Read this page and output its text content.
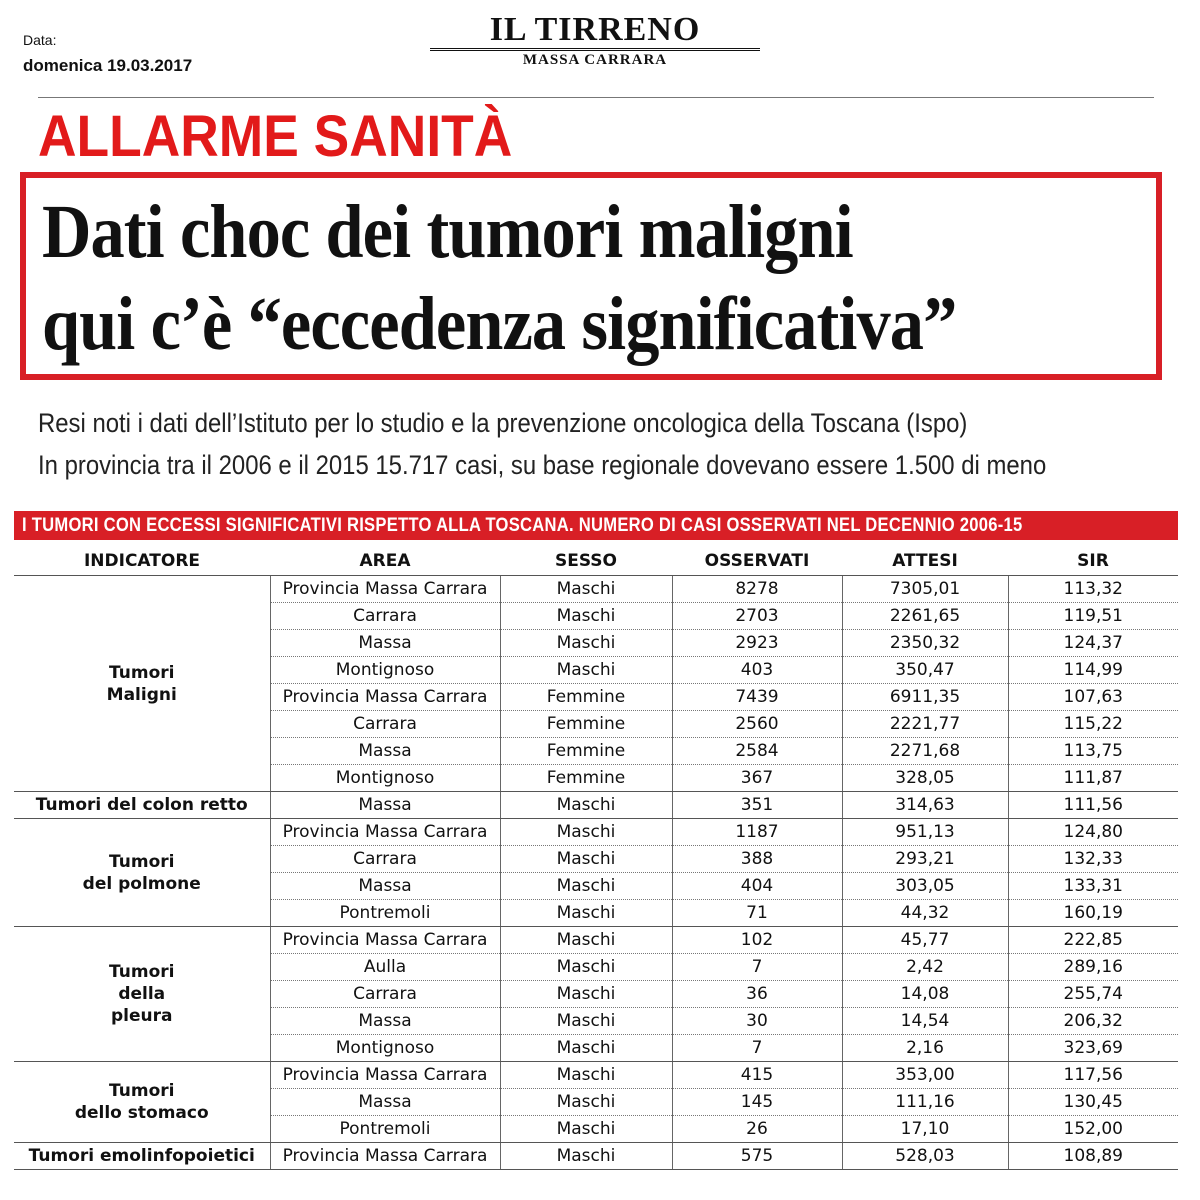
Data:
domenica 19.03.2017
IL TIRRENO
MASSA CARRARA
ALLARME SANITÀ
Dati choc dei tumori maligni
qui c’è “eccedenza significativa”
Resi noti i dati dell’Istituto per lo studio e la prevenzione oncologica della Toscana (Ispo)
In provincia tra il 2006 e il 2015 15.717 casi, su base regionale dovevano essere 1.500 di meno
I TUMORI CON ECCESSI SIGNIFICATIVI RISPETTO ALLA TOSCANA. NUMERO DI CASI OSSERVATI NEL DECENNIO 2006-15
INDICATORE	AREA	SESSO	OSSERVATI	ATTESI	SIR

Tumori
Maligni	Provincia Massa Carrara	Maschi	8278	7305,01	113,32
	Carrara	Maschi	2703	2261,65	119,51
	Massa	Maschi	2923	2350,32	124,37
	Montignoso	Maschi	403	350,47	114,99
	Provincia Massa Carrara	Femmine	7439	6911,35	107,63
	Carrara	Femmine	2560	2221,77	115,22
	Massa	Femmine	2584	2271,68	113,75
	Montignoso	Femmine	367	328,05	111,87

Tumori del colon retto	Massa	Maschi	351	314,63	111,56

Tumori
del polmone	Provincia Massa Carrara	Maschi	1187	951,13	124,80
	Carrara	Maschi	388	293,21	132,33
	Massa	Maschi	404	303,05	133,31
	Pontremoli	Maschi	71	44,32	160,19

Tumori
della
pleura	Provincia Massa Carrara	Maschi	102	45,77	222,85
	Aulla	Maschi	7	2,42	289,16
	Carrara	Maschi	36	14,08	255,74
	Massa	Maschi	30	14,54	206,32
	Montignoso	Maschi	7	2,16	323,69

Tumori
dello stomaco	Provincia Massa Carrara	Maschi	415	353,00	117,56
	Massa	Maschi	145	111,16	130,45
	Pontremoli	Maschi	26	17,10	152,00

Tumori emolinfopoietici	Provincia Massa Carrara	Maschi	575	528,03	108,89
